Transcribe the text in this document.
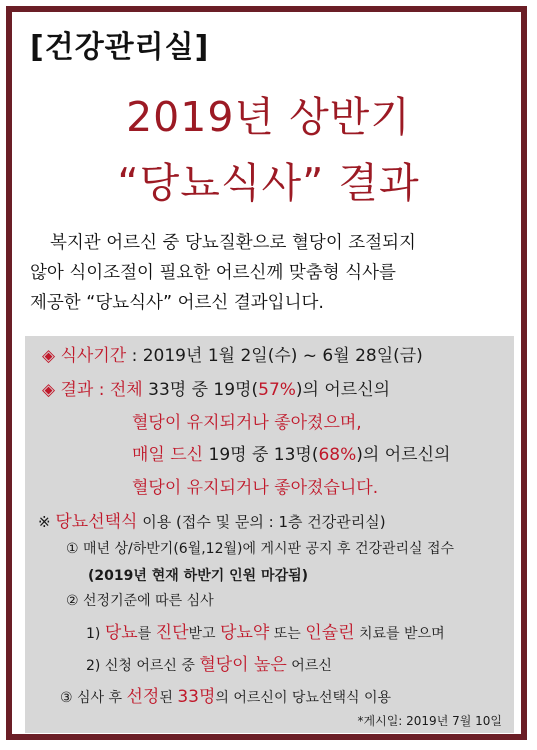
[건강관리실]
2019년 상반기
“당뇨식사” 결과
복지관 어르신 중 당뇨질환으로 혈당이 조절되지
않아 식이조절이 필요한 어르신께 맞춤형 식사를
제공한 “당뇨식사” 어르신 결과입니다.
◈ 식사기간 : 2019년 1월 2일(수) ~ 6월 28일(금)
◈ 결과 : 전체 33명 중 19명(57%)의 어르신의
혈당이 유지되거나 좋아졌으며,
매일 드신 19명 중 13명(68%)의 어르신의
혈당이 유지되거나 좋아졌습니다.
※ 당뇨선택식 이용 (접수 및 문의 : 1층 건강관리실)
① 매년 상/하반기(6월,12월)에 게시판 공지 후 건강관리실 접수
(2019년 현재 하반기 인원 마감됨)
② 선정기준에 따른 심사
1) 당뇨를 진단받고 당뇨약 또는 인슐린 치료를 받으며
2) 신청 어르신 중 혈당이 높은 어르신
③ 심사 후 선정된 33명의 어르신이 당뇨선택식 이용
*게시일: 2019년 7월 10일
